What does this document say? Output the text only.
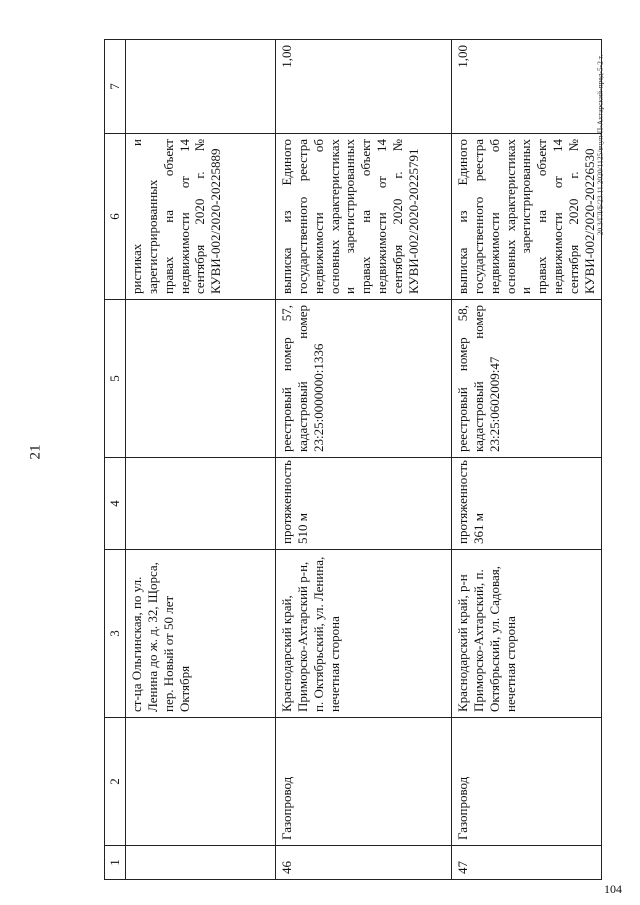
21
20.3/ГЛ/Б/23.11.2020/1125/вчуп-П-Ахтарский-пред-5-2 т.
104
1	2	3	4	5	6	7
		ст-ца Ольгинская, по ул. Ленина до ж. д. 32, Щорса, пер. Новый от 50 лет Октября			ристиках и зарегистрированных правах на объект недвижимости от 14 сентября 2020 г. № КУВИ-002/2020-20225889	
46	Газопровод	Краснодарский край, Приморско-Ахтарский р-н, п. Октябрьский, ул. Ленина, нечетная сторона	протяженность 510 м	реестровый номер 57, кадастровый номер 23:25:0000000:1336	выписка из Единого государственного реестра недвижимости об основных характеристиках и зарегистрированных правах на объект недвижимости от 14 сентября 2020 г. № КУВИ-002/2020-20225791	1,00
47	Газопровод	Краснодарский край, р-н Приморско-Ахтарский, п. Октябрьский, ул. Садовая, нечетная сторона	протяженность 361 м	реестровый номер 58, кадастровый номер 23:25:0602009:47	выписка из Единого государственного реестра недвижимости об основных характеристиках и зарегистрированных правах на объект недвижимости от 14 сентября 2020 г. № КУВИ-002/2020-20226530	1,00
